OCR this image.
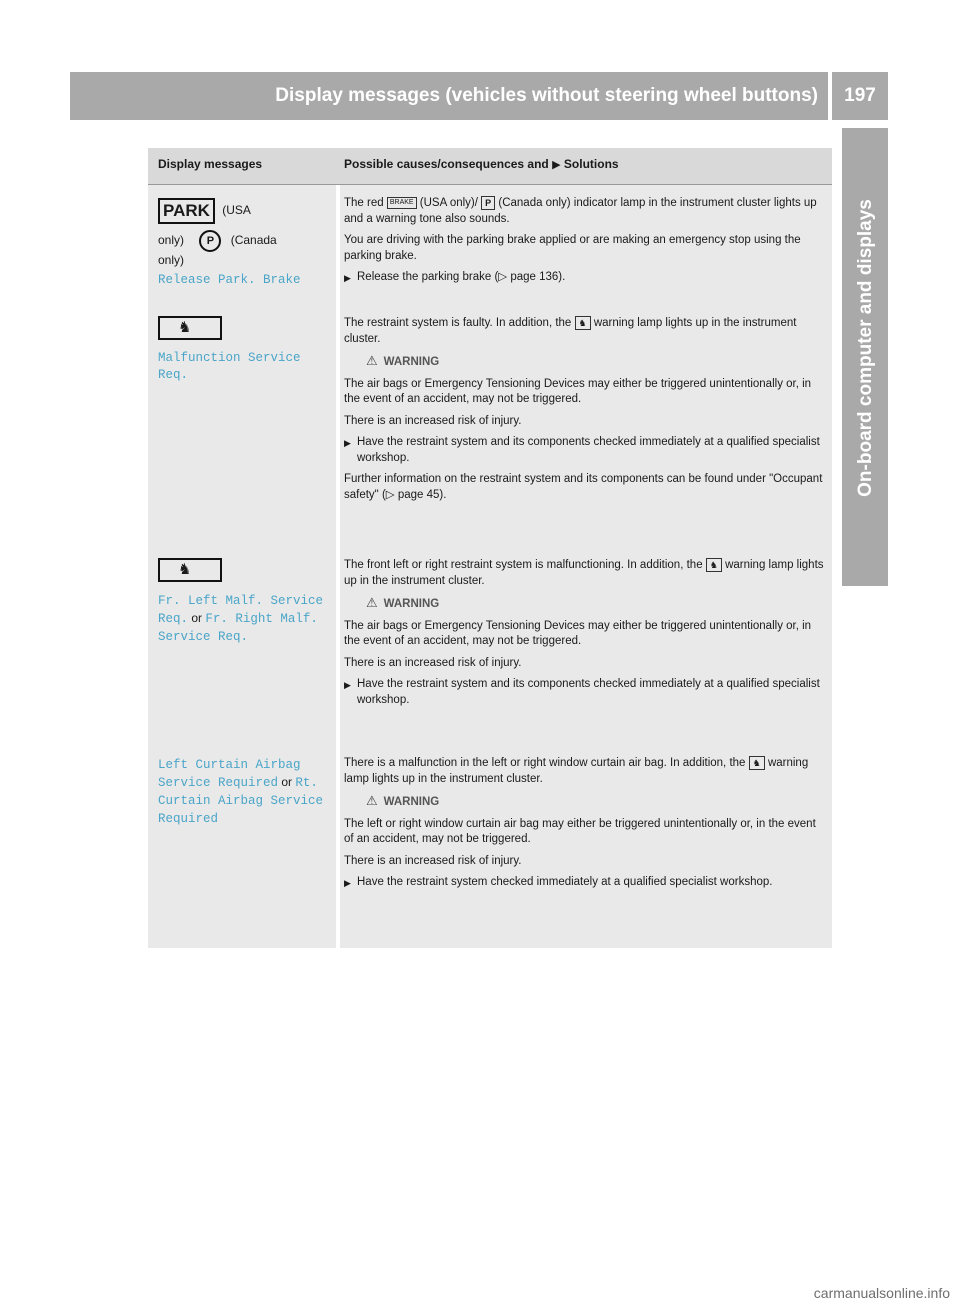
Display messages (vehicles without steering wheel buttons)	197
On-board computer and displays
Display messages	Possible causes/consequences and ▶ Solutions
PARK (USA
only) P (Canada
only)
Release Park. Brake

The red BRAKE (USA only)/ P (Canada only) indicator lamp in the instrument cluster lights up and a warning tone also sounds.

You are driving with the parking brake applied or are making an emergency stop using the parking brake.

▶ Release the parking brake (▷ page 136).
♞
Malfunction Service Req.

The restraint system is faulty. In addition, the ♞ warning lamp lights up in the instrument cluster.

⚠ WARNING

The air bags or Emergency Tensioning Devices may either be triggered unintentionally or, in the event of an accident, may not be triggered.

There is an increased risk of injury.

▶ Have the restraint system and its components checked immediately at a qualified specialist workshop.

Further information on the restraint system and its components can be found under "Occupant safety" (▷ page 45).

♞
Fr. Left Malf. Service Req. or Fr. Right Malf. Service Req.

The front left or right restraint system is malfunctioning. In addition, the ♞ warning lamp lights up in the instrument cluster.

⚠ WARNING

The air bags or Emergency Tensioning Devices may either be triggered unintentionally or, in the event of an accident, may not be triggered.

There is an increased risk of injury.

▶ Have the restraint system and its components checked immediately at a qualified specialist workshop.
Left Curtain Airbag Service Required or Rt. Curtain Airbag Service Required

There is a malfunction in the left or right window curtain air bag. In addition, the ♞ warning lamp lights up in the instrument cluster.

⚠ WARNING

The left or right window curtain air bag may either be triggered unintentionally or, in the event of an accident, may not be triggered.

There is an increased risk of injury.

▶ Have the restraint system checked immediately at a qualified specialist workshop.
carmanualsonline.info
